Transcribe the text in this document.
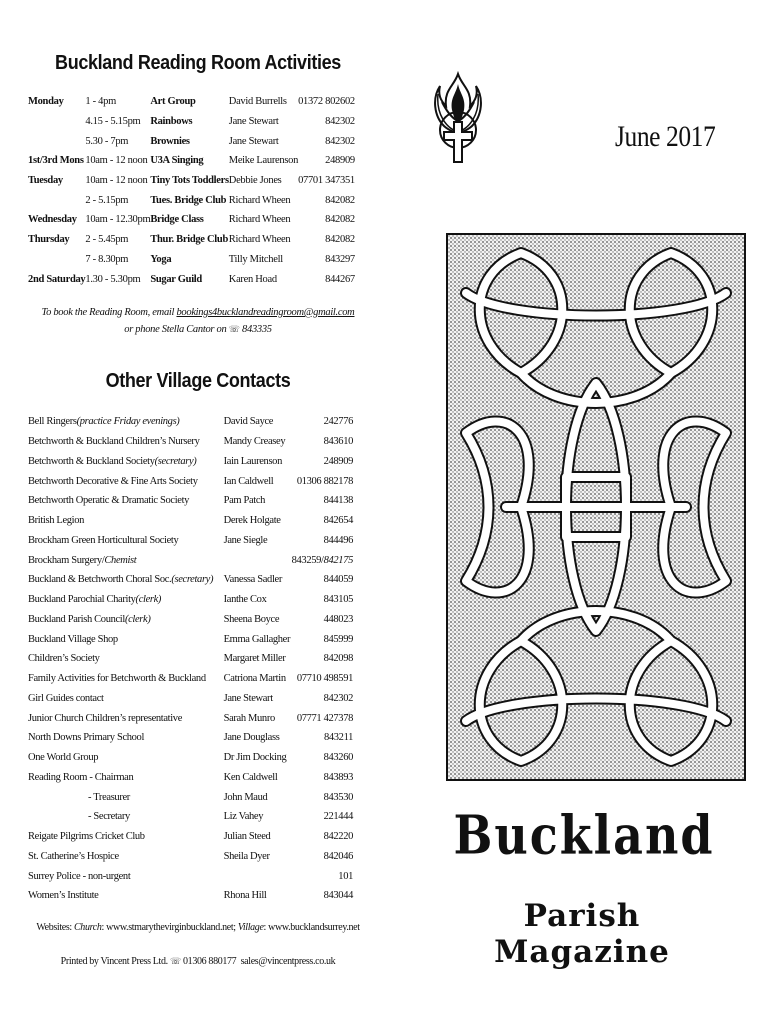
Buckland Reading Room Activities
Monday	1 - 4pm	Art Group	David Burrells	01372 802602
	4.15 - 5.15pm	Rainbows	Jane Stewart	842302
	5.30 - 7pm	Brownies	Jane Stewart	842302
1st/3rd Mons	10am - 12 noon	U3A Singing	Meike Laurenson	248909
Tuesday	10am - 12 noon	Tiny Tots Toddlers	Debbie Jones	07701 347351
	2 - 5.15pm	Tues. Bridge Club	Richard Wheen	842082
Wednesday	10am - 12.30pm	Bridge Class	Richard Wheen	842082
Thursday	2 - 5.45pm	Thur. Bridge Club	Richard Wheen	842082
	7 - 8.30pm	Yoga	Tilly Mitchell	843297
2nd Saturday	1.30 - 5.30pm	Sugar Guild	Karen Hoad	844267
To book the Reading Room, email bookings4bucklandreadingroom@gmail.com
or phone Stella Cantor on ☏ 843335
Other Village Contacts
Bell Ringers(practice Friday evenings)	David Sayce	242776
Betchworth & Buckland Children’s Nursery	Mandy Creasey	843610
Betchworth & Buckland Society(secretary)	Iain Laurenson	248909
Betchworth Decorative & Fine Arts Society	Ian Caldwell	01306 882178
Betchworth Operatic & Dramatic Society	Pam Patch	844138
British Legion	Derek Holgate	842654
Brockham Green Horticultural Society	Jane Siegle	844496
Brockham Surgery/Chemist		843259/842175
Buckland & Betchworth Choral Soc.(secretary)	Vanessa Sadler	844059
Buckland Parochial Charity(clerk)	Ianthe Cox	843105
Buckland Parish Council(clerk)	Sheena Boyce	448023
Buckland Village Shop	Emma Gallagher	845999
Children’s Society	Margaret Miller	842098
Family Activities for Betchworth & Buckland	Catriona Martin	07710 498591
Girl Guides contact	Jane Stewart	842302
Junior Church Children’s representative	Sarah Munro	07771 427378
North Downs Primary School	Jane Douglass	843211
One World Group	Dr Jim Docking	843260
Reading Room - Chairman	Ken Caldwell	843893
- Treasurer	John Maud	843530
- Secretary	Liz Vahey	221444
Reigate Pilgrims Cricket Club	Julian Steed	842220
St. Catherine’s Hospice	Sheila Dyer	842046
Surrey Police - non-urgent		101
Women’s Institute	Rhona Hill	843044
Websites: Church: www.stmarythevirginbuckland.net; Village: www.bucklandsurrey.net
Printed by Vincent Press Ltd. ☏ 01306 880177 sales@vincentpress.co.uk
June 2017
Buckland
Parish Magazine
